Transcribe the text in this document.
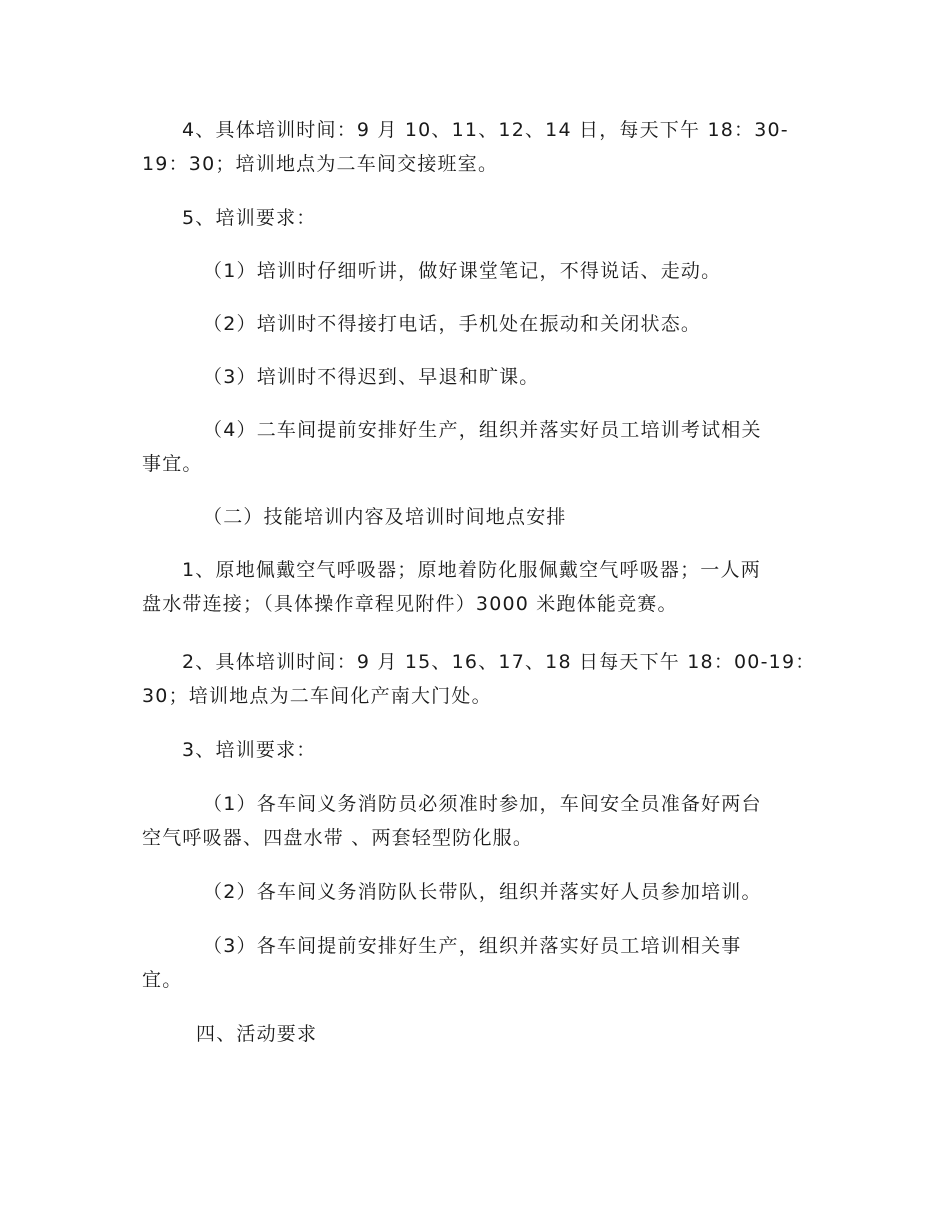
4、具体培训时间：9 月 10、11、12、14 日，每天下午 18：30-
19：30；培训地点为二车间交接班室。
5、培训要求：
（1）培训时仔细听讲，做好课堂笔记，不得说话、走动。
（2）培训时不得接打电话，手机处在振动和关闭状态。
（3）培训时不得迟到、早退和旷课。
（4）二车间提前安排好生产，组织并落实好员工培训考试相关
事宜。
（二）技能培训内容及培训时间地点安排
1、原地佩戴空气呼吸器；原地着防化服佩戴空气呼吸器；一人两
盘水带连接；（具体操作章程见附件）3000 米跑体能竞赛。
2、具体培训时间：9 月 15、16、17、18 日每天下午 18：00-19：
30；培训地点为二车间化产南大门处。
3、培训要求：
（1）各车间义务消防员必须准时参加，车间安全员准备好两台
空气呼吸器、四盘水带 、两套轻型防化服。
（2）各车间义务消防队长带队，组织并落实好人员参加培训。
（3）各车间提前安排好生产，组织并落实好员工培训相关事
宜。
四、活动要求
